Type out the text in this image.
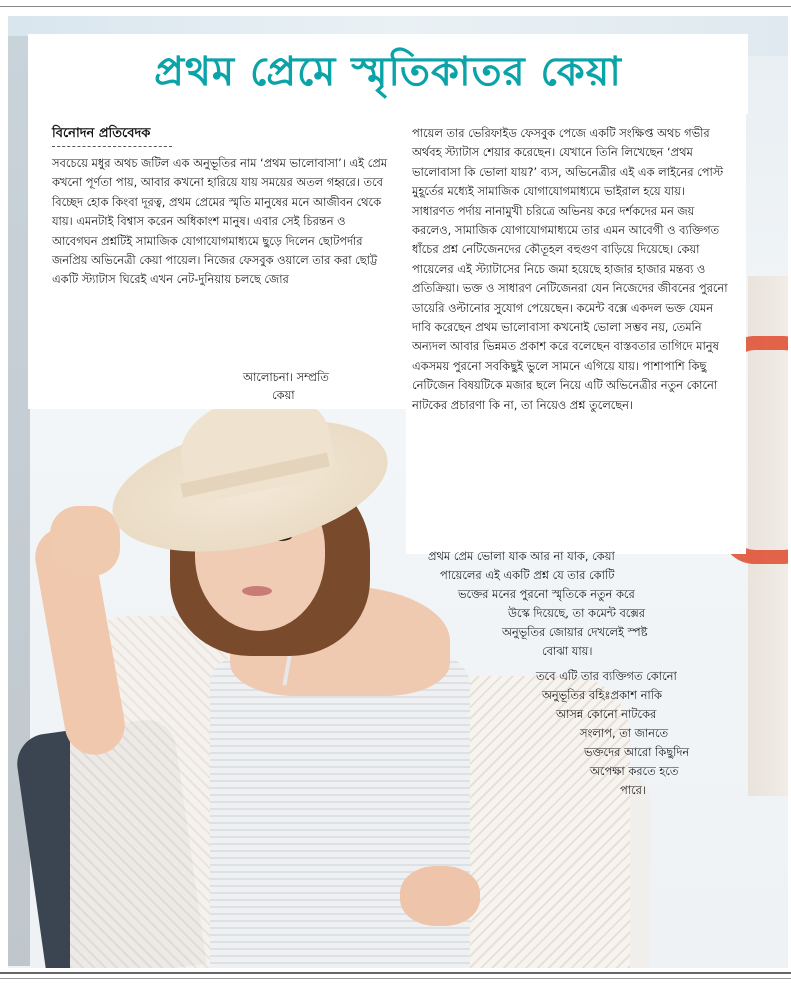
প্রথম প্রেমে স্মৃতিকাতর কেয়া
বিনোদন প্রতিবেদক
সবচেয়ে মধুর অথচ জটিল এক অনুভূতির নাম ‘প্রথম ভালোবাসা’। এই প্রেম কখনো পূর্ণতা পায়, আবার কখনো হারিয়ে যায় সময়ের অতল গহ্বরে। তবে বিচ্ছেদ হোক কিংবা দূরত্ব, প্রথম প্রেমের স্মৃতি মানুষের মনে আজীবন থেকে যায়। এমনটাই বিশ্বাস করেন অধিকাংশ মানুষ। এবার সেই চিরন্তন ও আবেগঘন প্রশ্নটিই সামাজিক যোগাযোগমাধ্যমে ছুড়ে দিলেন ছোটপর্দার জনপ্রিয় অভিনেত্রী কেয়া পায়েল। নিজের ফেসবুক ওয়ালে তার করা ছোট্ট একটি স্ট্যাটাস ঘিরেই এখন নেট-দুনিয়ায় চলছে জোর
আলোচনা। সম্প্রতি
কেয়া
পায়েল তার ভেরিফাইড ফেসবুক পেজে একটি সংক্ষিপ্ত অথচ গভীর অর্থবহ স্ট্যাটাস শেয়ার করেছেন। যেখানে তিনি লিখেছেন ‘প্রথম ভালোবাসা কি ভোলা যায়?’ ব্যস, অভিনেত্রীর এই এক লাইনের পোস্ট মুহূর্তের মধ্যেই সামাজিক যোগাযোগমাধ্যমে ভাইরাল হয়ে যায়।
সাধারণত পর্দায় নানামুখী চরিত্রে অভিনয় করে দর্শকদের মন জয় করলেও, সামাজিক যোগাযোগমাধ্যমে তার এমন আবেগী ও ব্যক্তিগত ধাঁচের প্রশ্ন নেটিজেনদের কৌতূহল বহুগুণ বাড়িয়ে দিয়েছে। কেয়া পায়েলের এই স্ট্যাটাসের নিচে জমা হয়েছে হাজার হাজার মন্তব্য ও প্রতিক্রিয়া। ভক্ত ও সাধারণ নেটিজেনরা যেন নিজেদের জীবনের পুরনো ডায়েরি ওল্টানোর সুযোগ পেয়েছেন। কমেন্ট বক্সে একদল ভক্ত যেমন দাবি করেছেন প্রথম ভালোবাসা কখনোই ভোলা সম্ভব নয়, তেমনি অন্যদল আবার ভিন্নমত প্রকাশ করে বলেছেন বাস্তবতার তাগিদে মানুষ একসময় পুরনো সবকিছুই ভুলে সামনে এগিয়ে যায়। পাশাপাশি কিছু নেটিজেন বিষয়টিকে মজার ছলে নিয়ে এটি অভিনেত্রীর নতুন কোনো নাটকের প্রচারণা কি না, তা নিয়েও প্রশ্ন তুলেছেন।
প্রথম প্রেম ভোলা যাক আর না যাক, কেয়া
পায়েলের এই একটি প্রশ্ন যে তার কোটি
ভক্তের মনের পুরনো স্মৃতিকে নতুন করে
উস্কে দিয়েছে, তা কমেন্ট বক্সের
অনুভূতির জোয়ার দেখলেই স্পষ্ট
বোঝা যায়।
তবে এটি তার ব্যক্তিগত কোনো
অনুভূতির বহিঃপ্রকাশ নাকি
আসন্ন কোনো নাটকের
সংলাপ, তা জানতে
ভক্তদের আরো কিছুদিন
অপেক্ষা করতে হতে
পারে।
